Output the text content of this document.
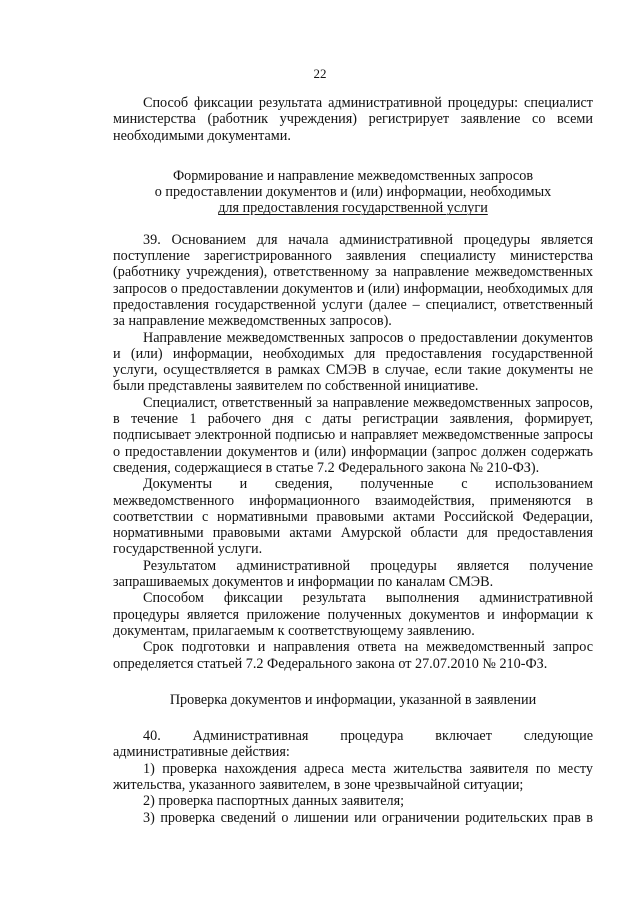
22

Способ фиксации результата административной процедуры: специалист министерства (работник учреждения) регистрирует заявление со всеми необходимыми документами.

Формирование и направление межведомственных запросов
о предоставлении документов и (или) информации, необходимых
для предоставления государственной услуги

39. Основанием для начала административной процедуры является поступление зарегистрированного заявления специалисту министерства (работнику учреждения), ответственному за направление межведомственных запросов о предоставлении документов и (или) информации, необходимых для предоставления государственной услуги (далее – специалист, ответственный за направление межведомственных запросов).

Направление межведомственных запросов о предоставлении документов и (или) информации, необходимых для предоставления государственной услуги, осуществляется в рамках СМЭВ в случае, если такие документы не были представлены заявителем по собственной инициативе.

Специалист, ответственный за направление межведомственных запросов, в течение 1 рабочего дня с даты регистрации заявления, формирует, подписывает электронной подписью и направляет межведомственные запросы о предоставлении документов и (или) информации (запрос должен содержать сведения, содержащиеся в статье 7.2 Федерального закона № 210-ФЗ).

Документы и сведения, полученные с использованием межведомственного информационного взаимодействия, применяются в соответствии с нормативными правовыми актами Российской Федерации, нормативными правовыми актами Амурской области для предоставления государственной услуги.

Результатом административной процедуры является получение запрашиваемых документов и информации по каналам СМЭВ.

Способом фиксации результата выполнения административной процедуры является приложение полученных документов и информации к документам, прилагаемым к соответствующему заявлению.

Срок подготовки и направления ответа на межведомственный запрос определяется статьей 7.2 Федерального закона от 27.07.2010 № 210-ФЗ.

Проверка документов и информации, указанной в заявлении

40. Административная процедура включает следующие административные действия:

1) проверка нахождения адреса места жительства заявителя по месту жительства, указанного заявителем, в зоне чрезвычайной ситуации;

2) проверка паспортных данных заявителя;

3) проверка сведений о лишении или ограничении родительских прав в
